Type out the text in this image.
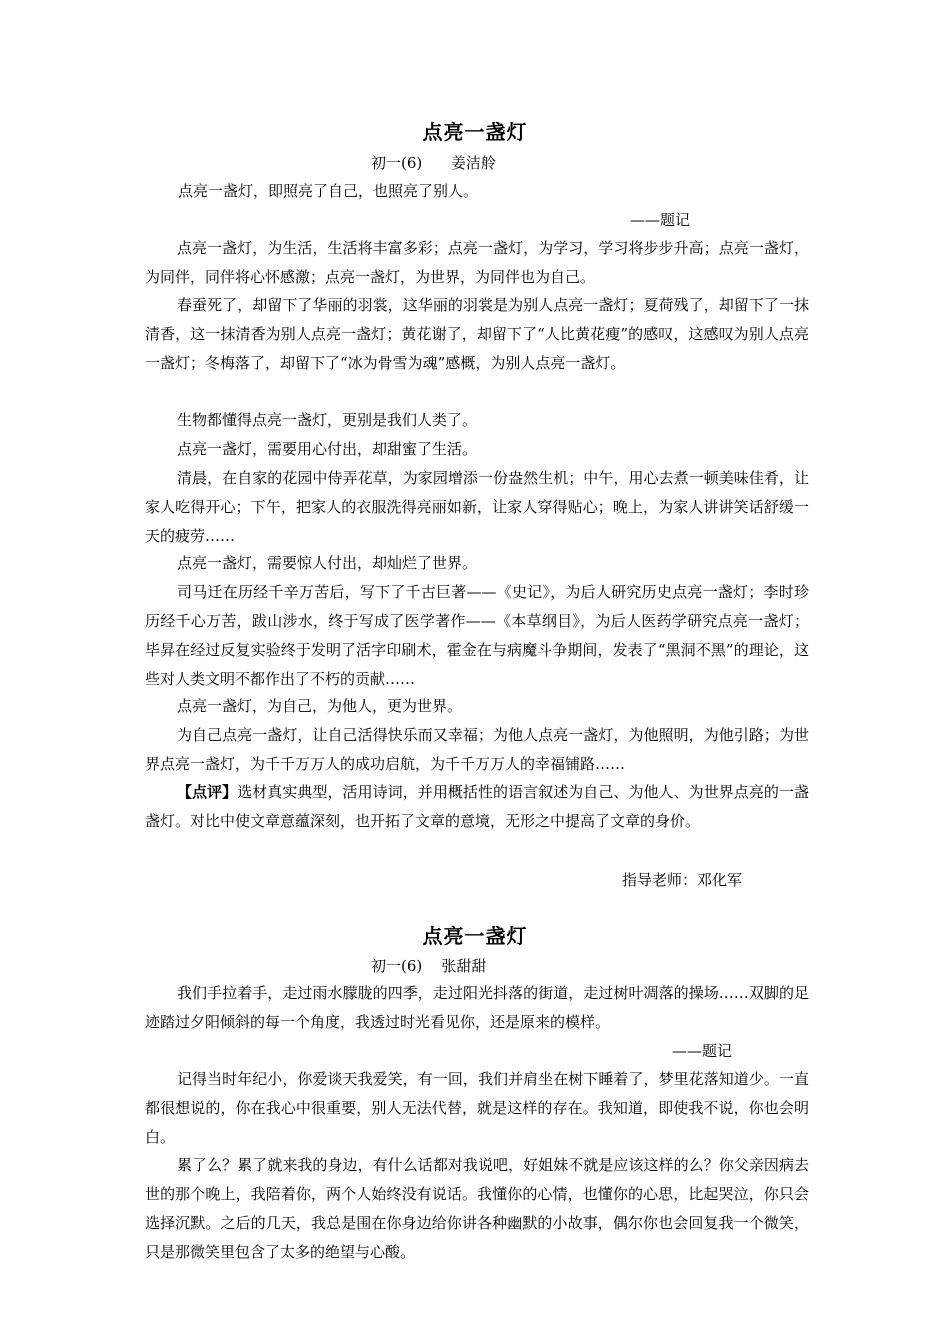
点亮一盏灯
初一(6)      姜洁舲
点亮一盏灯，即照亮了自己，也照亮了别人。
——题记

点亮一盏灯，为生活，生活将丰富多彩；点亮一盏灯，为学习，学习将步步升高；点亮一盏灯，为同伴，同伴将心怀感激；点亮一盏灯，为世界，为同伴也为自己。

春蚕死了，却留下了华丽的羽裳，这华丽的羽裳是为别人点亮一盏灯；夏荷残了，却留下了一抹清香，这一抹清香为别人点亮一盏灯；黄花谢了，却留下了“人比黄花瘦”的感叹，这感叹为别人点亮一盏灯；冬梅落了，却留下了“冰为骨雪为魂”感概，为别人点亮一盏灯。

生物都懂得点亮一盏灯，更别是我们人类了。

点亮一盏灯，需要用心付出，却甜蜜了生活。

清晨，在自家的花园中侍弄花草，为家园增添一份盎然生机；中午，用心去煮一顿美味佳肴，让家人吃得开心；下午，把家人的衣服洗得亮丽如新，让家人穿得贴心；晚上，为家人讲讲笑话舒缓一天的疲劳……

点亮一盏灯，需要惊人付出，却灿烂了世界。

司马迁在历经千辛万苦后，写下了千古巨著——《史记》，为后人研究历史点亮一盏灯；李时珍历经千心万苦，跋山涉水，终于写成了医学著作——《本草纲目》，为后人医药学研究点亮一盏灯；毕昇在经过反复实验终于发明了活字印刷术，霍金在与病魔斗争期间，发表了“黑洞不黑”的理论，这些对人类文明不都作出了不朽的贡献……

点亮一盏灯，为自己，为他人，更为世界。

为自己点亮一盏灯，让自己活得快乐而又幸福；为他人点亮一盏灯，为他照明，为他引路；为世界点亮一盏灯，为千千万万人的成功启航，为千千万万人的幸福铺路……

【点评】选材真实典型，活用诗词，并用概括性的语言叙述为自己、为他人、为世界点亮的一盏盏灯。对比中使文章意蕴深刻，也开拓了文章的意境，无形之中提高了文章的身价。

指导老师：邓化军
点亮一盏灯
初一(6)    张甜甜

我们手拉着手，走过雨水朦胧的四季，走过阳光抖落的街道，走过树叶凋落的操场……双脚的足迹踏过夕阳倾斜的每一个角度，我透过时光看见你，还是原来的模样。

——题记

记得当时年纪小，你爱谈天我爱笑，有一回，我们并肩坐在树下睡着了，梦里花落知道少。一直都很想说的，你在我心中很重要，别人无法代替，就是这样的存在。我知道，即使我不说，你也会明白。

累了么？累了就来我的身边，有什么话都对我说吧，好姐妹不就是应该这样的么？你父亲因病去世的那个晚上，我陪着你，两个人始终没有说话。我懂你的心情，也懂你的心思，比起哭泣，你只会选择沉默。之后的几天，我总是围在你身边给你讲各种幽默的小故事，偶尔你也会回复我一个微笑，只是那微笑里包含了太多的绝望与心酸。
